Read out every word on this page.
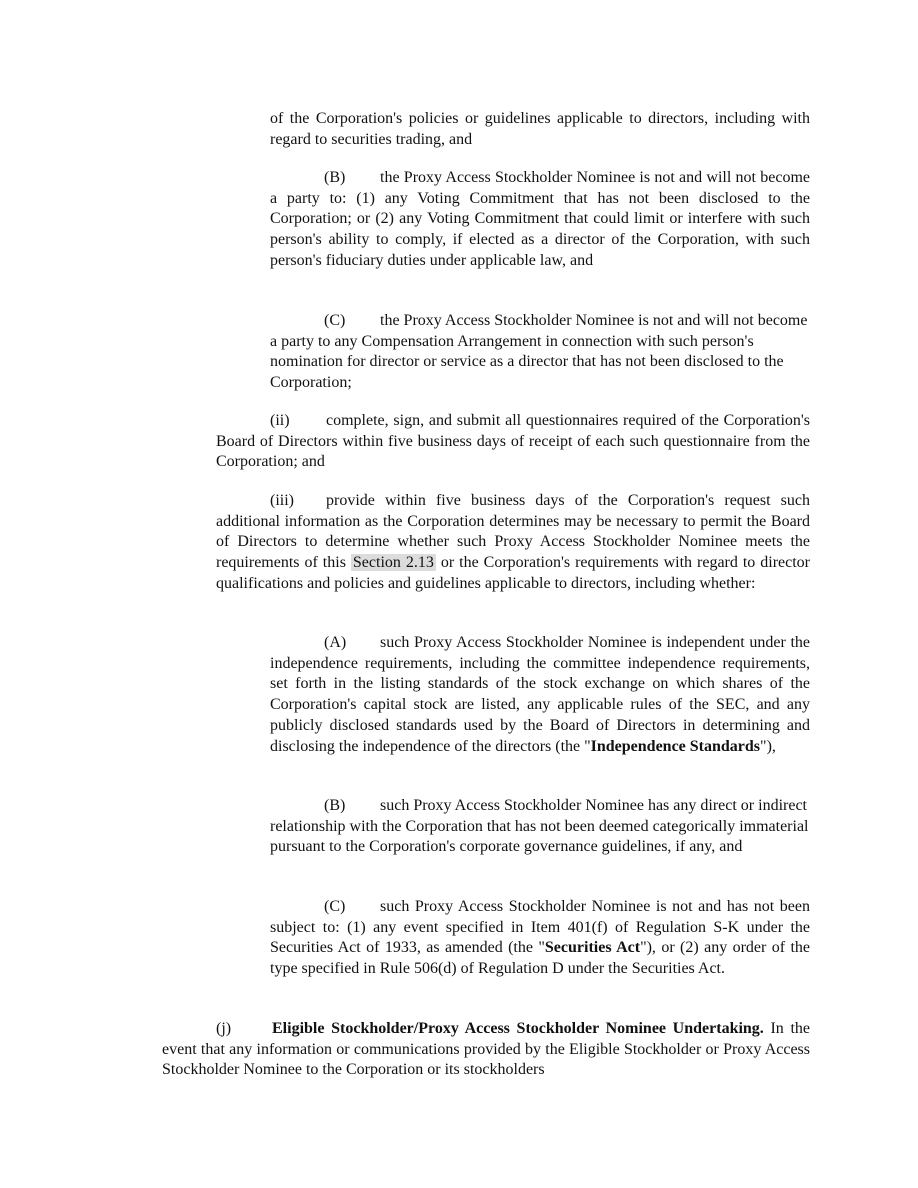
of the Corporation's policies or guidelines applicable to directors, including with regard to securities trading, and

(B) the Proxy Access Stockholder Nominee is not and will not become a party to: (1) any Voting Commitment that has not been disclosed to the Corporation; or (2) any Voting Commitment that could limit or interfere with such person's ability to comply, if elected as a director of the Corporation, with such person's fiduciary duties under applicable law, and

(C) the Proxy Access Stockholder Nominee is not and will not become a party to any Compensation Arrangement in connection with such person's nomination for director or service as a director that has not been disclosed to the Corporation;

(ii) complete, sign, and submit all questionnaires required of the Corporation's Board of Directors within five business days of receipt of each such questionnaire from the Corporation; and

(iii) provide within five business days of the Corporation's request such additional information as the Corporation determines may be necessary to permit the Board of Directors to determine whether such Proxy Access Stockholder Nominee meets the requirements of this Section 2.13 or the Corporation's requirements with regard to director qualifications and policies and guidelines applicable to directors, including whether:

(A) such Proxy Access Stockholder Nominee is independent under the independence requirements, including the committee independence requirements, set forth in the listing standards of the stock exchange on which shares of the Corporation's capital stock are listed, any applicable rules of the SEC, and any publicly disclosed standards used by the Board of Directors in determining and disclosing the independence of the directors (the "Independence Standards"),

(B) such Proxy Access Stockholder Nominee has any direct or indirect relationship with the Corporation that has not been deemed categorically immaterial pursuant to the Corporation's corporate governance guidelines, if any, and

(C) such Proxy Access Stockholder Nominee is not and has not been subject to: (1) any event specified in Item 401(f) of Regulation S-K under the Securities Act of 1933, as amended (the "Securities Act"), or (2) any order of the type specified in Rule 506(d) of Regulation D under the Securities Act.

(j)	Eligible Stockholder/Proxy Access Stockholder Nominee Undertaking. In the event that any information or communications provided by the Eligible Stockholder or Proxy Access Stockholder Nominee to the Corporation or its stockholders
